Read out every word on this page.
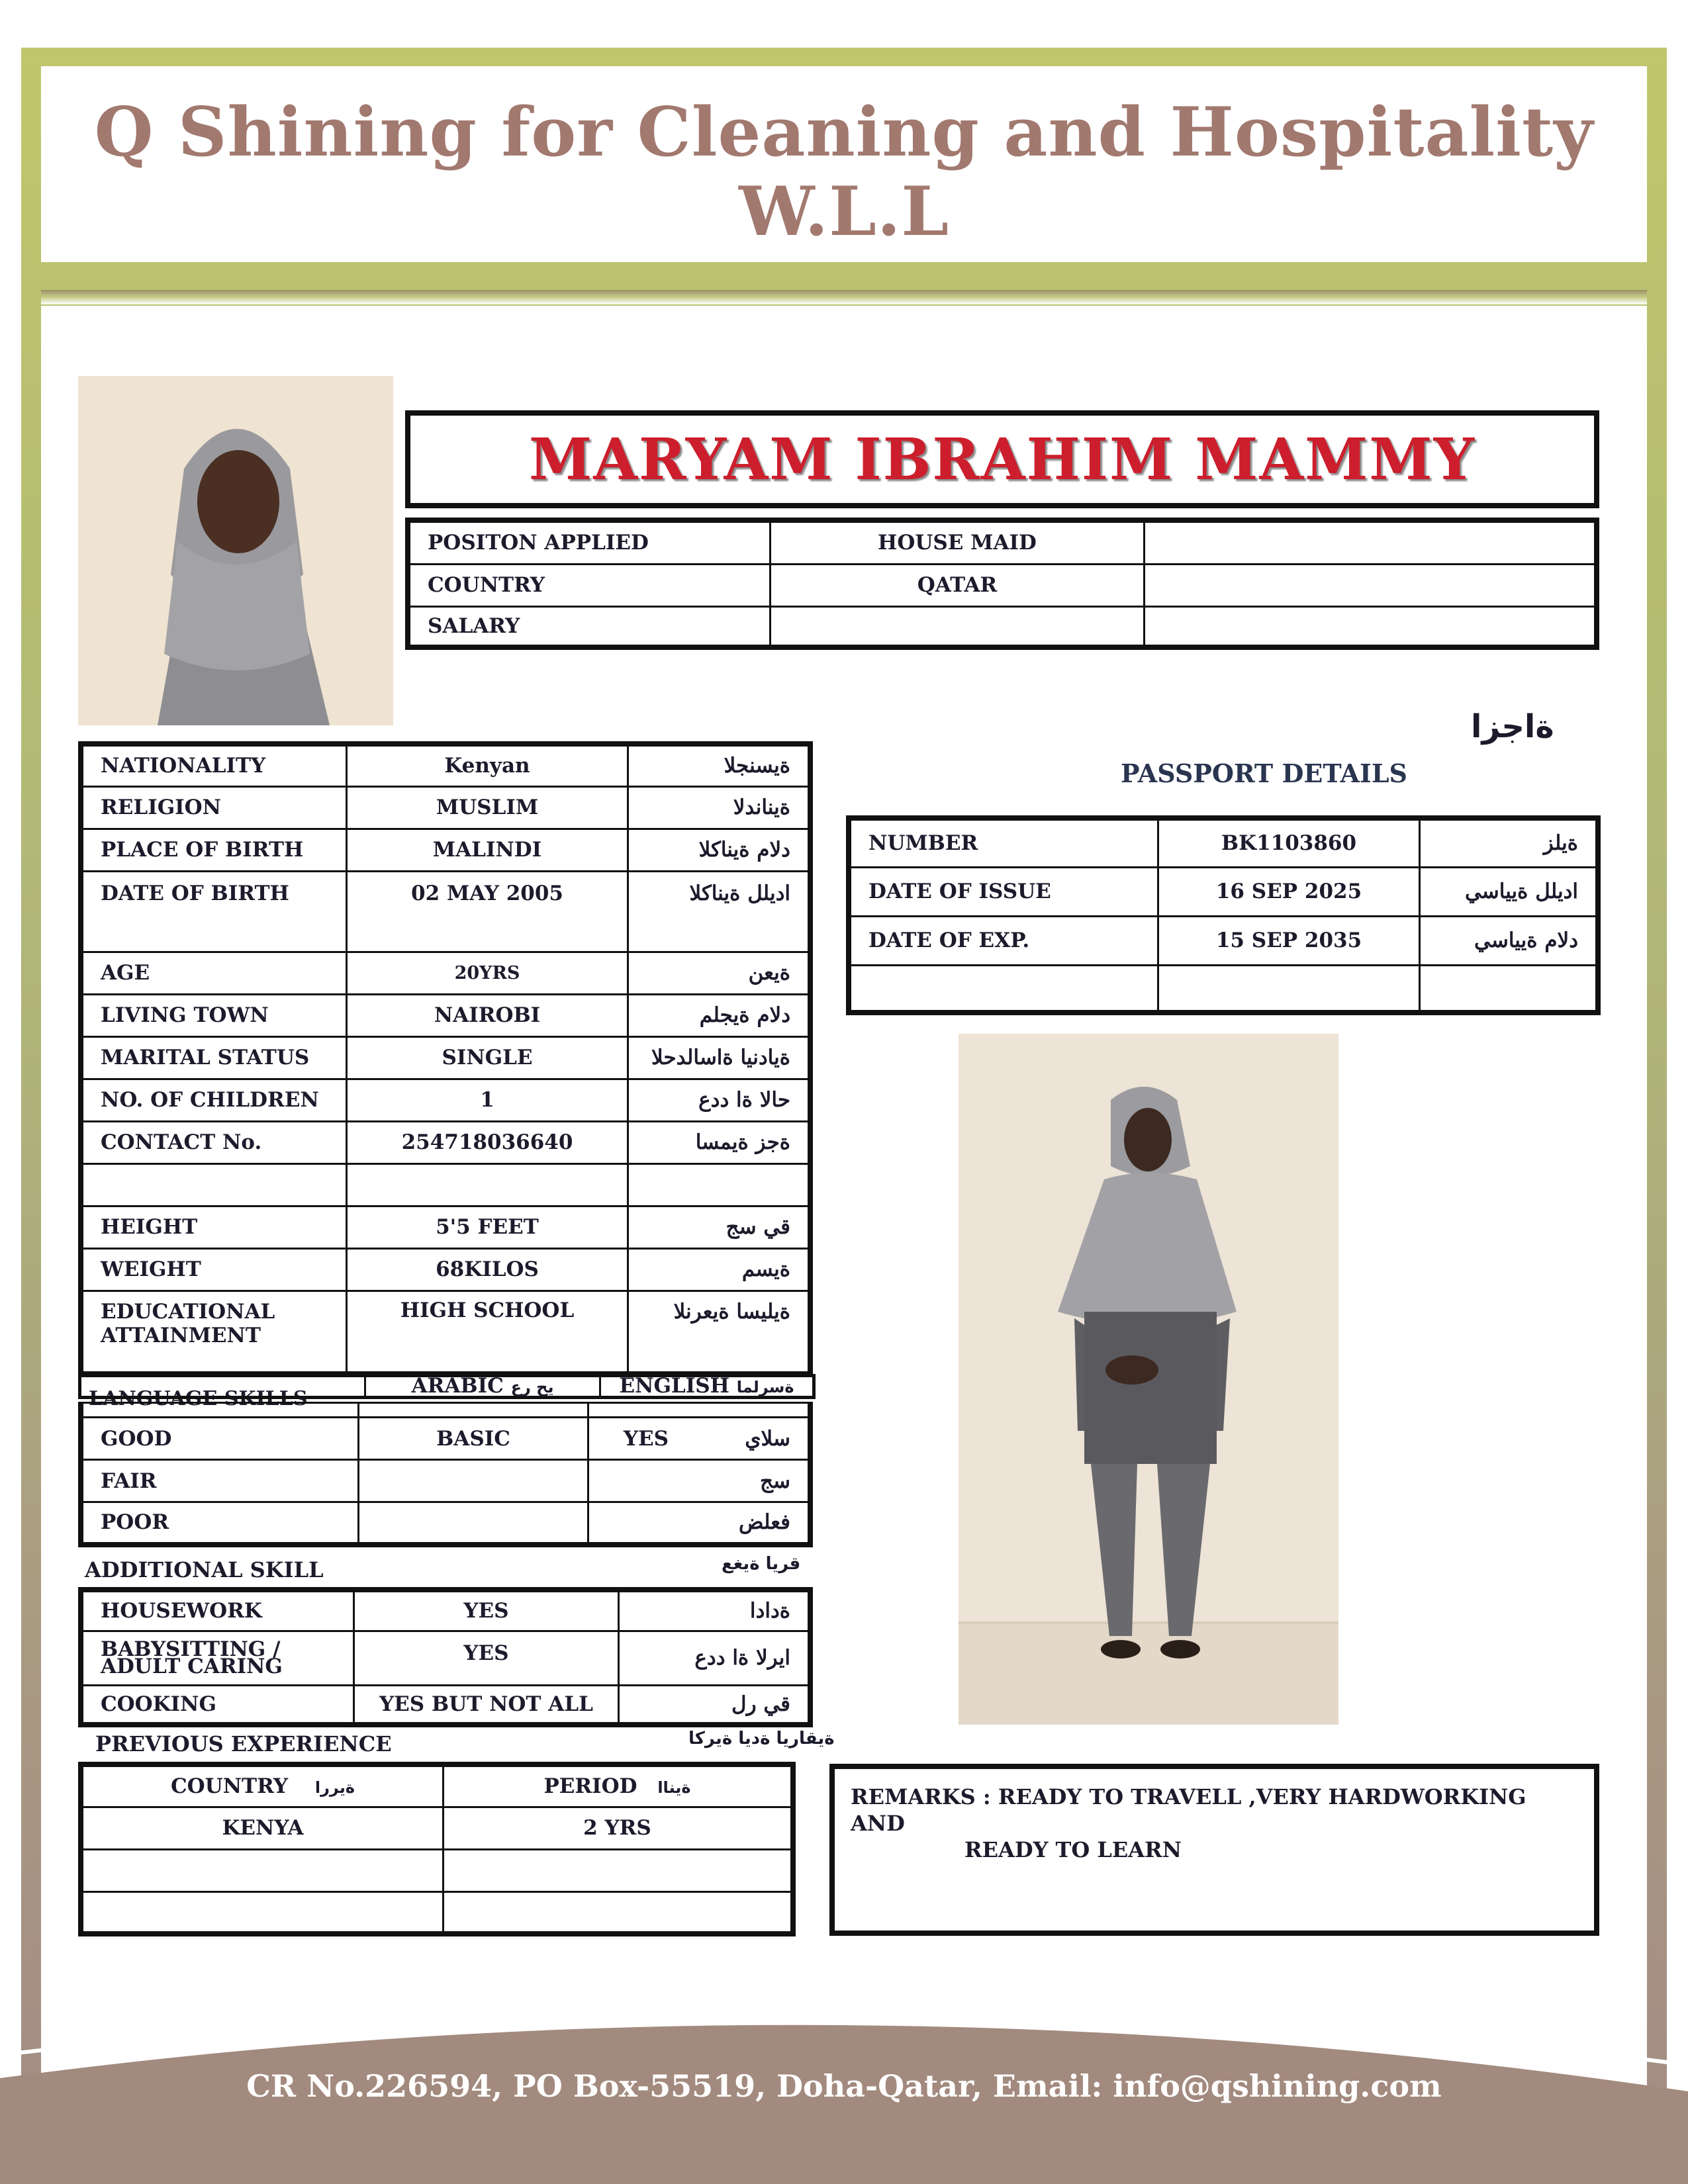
Q Shining for Cleaning and Hospitality W.L.L
MARYAM IBRAHIM MAMMY
POSITON APPLIED	HOUSE MAID	
COUNTRY	QATAR	
SALARY		
NATIONALITY	Kenyan	ةيسنجلا
RELIGION	MUSLIM	ةيناندلا
PLACE OF BIRTH	MALINDI	دلام ةيناكلا
DATE OF BIRTH	02 MAY 2005	اديلل ةيناكلا
AGE	20YRS	ةيعن
LIVING TOWN	NAIROBI	دلام ةيجلم
MARITAL STATUS	SINGLE	ةيادنيا ةاسالدحلا
NO. OF CHILDREN	1	حالا ةا ددع
CONTACT No.	254718036640	ةجز ةيمسا

HEIGHT	5'5 FEET	قي سج
WEIGHT	68KILOS	ةيسم
EDUCATIONAL ATTAINMENT	HIGH SCHOOL	ةيليسا ةيعرنلا
LANGUAGE SKILLS
	ARABIC يح رع	ENGLISH ةسرلما

GOOD	BASIC	YES	سلاي
FAIR			سج
POOR			فعلض
ADDITIONAL SKILL	قريا ةيغع
HOUSEWORK	YES	ةدادا
BABYSITTING / ADULT CARING	YES	ايرلا ةا ددع
COOKING	YES BUT NOT ALL	قي رل
PREVIOUS EXPERIENCE	ةيقاريا ةديا ةيركا
COUNTRY ةيررا	PERIOD ةيناا
KENYA	2 YRS

ةاجزا
PASSPORT DETAILS
NUMBER	BK1103860	ةيلز
DATE OF ISSUE	16 SEP 2025	اديلل ةيياسي
DATE OF EXP.	15 SEP 2035	دلام ةيياسي

REMARKS : READY TO TRAVELL ,VERY HARDWORKING AND
READY TO LEARN
CR No.226594, PO Box-55519, Doha-Qatar, Email: info@qshining.com
